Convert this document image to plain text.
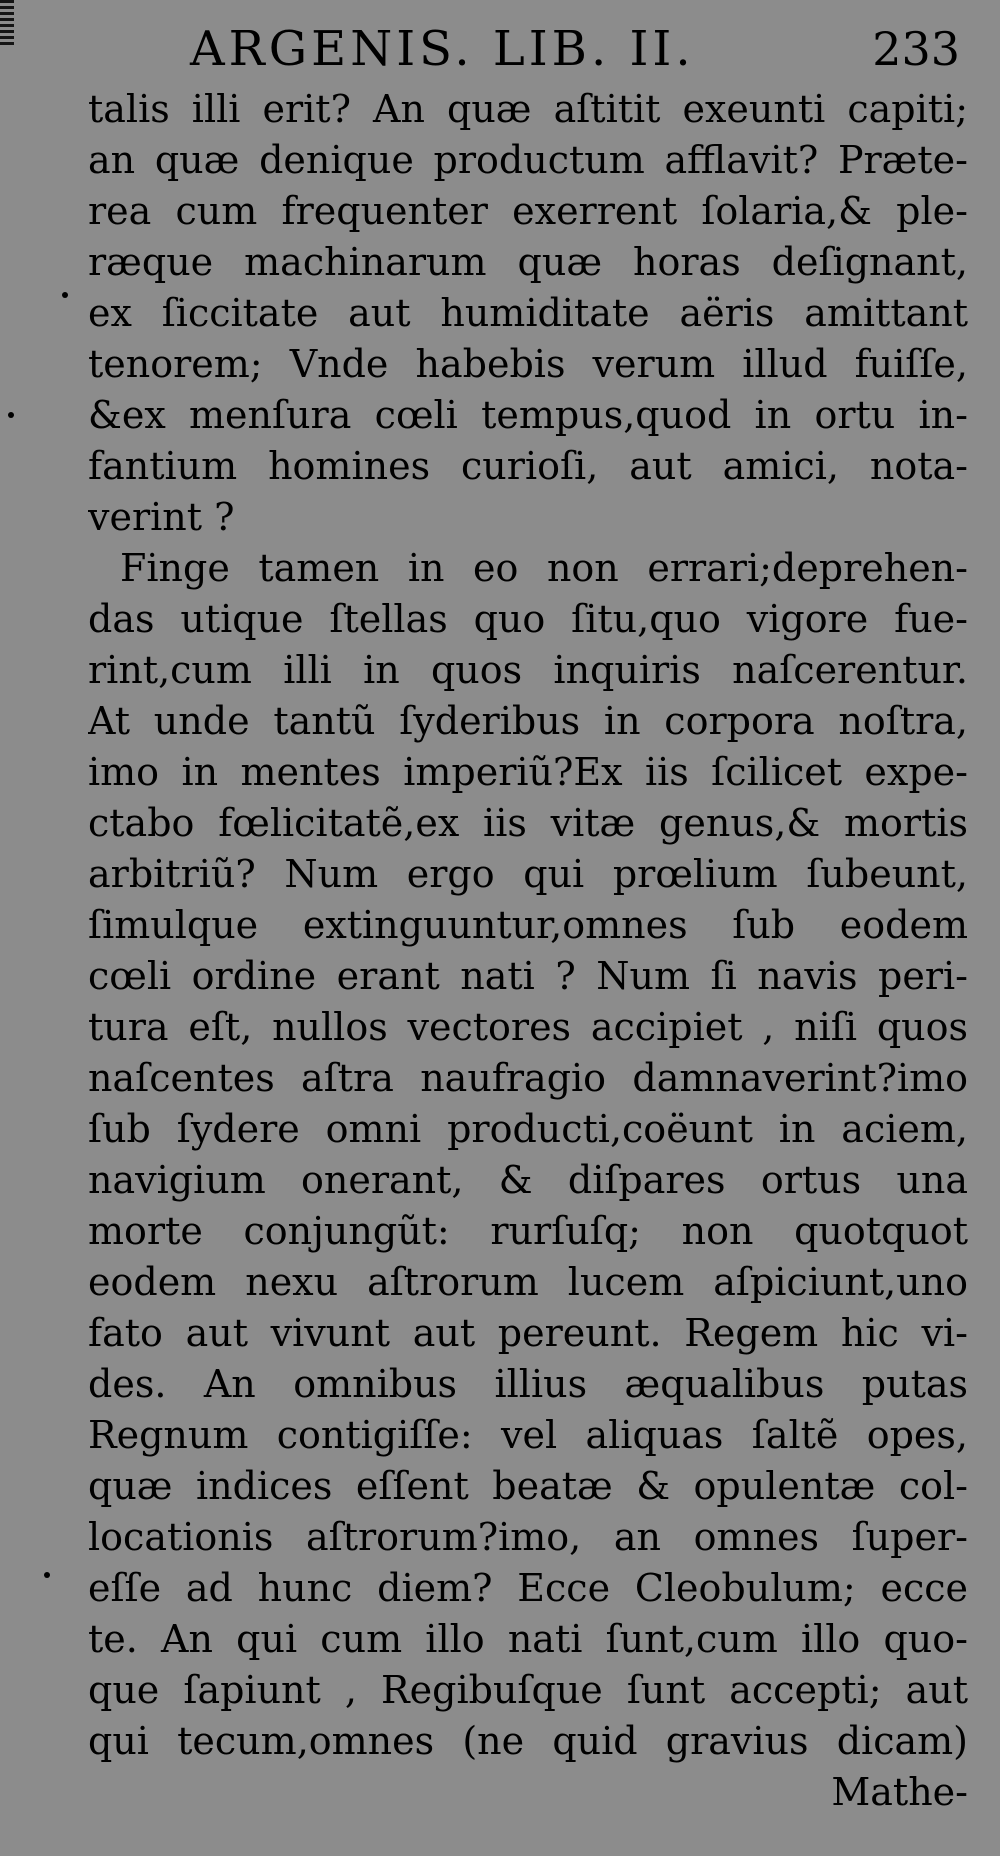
ARGENIS. LIB. II.	233
talis illi erit? An quæ aſtitit exeunti capiti;
an quæ denique productum afflavit? Præte-
rea cum frequenter exerrent ſolaria,& ple-
ræque machinarum quæ horas deſignant,
ex ſiccitate aut humiditate aëris amittant
tenorem; Vnde habebis verum illud fuiſſe,
&ex menſura cœli tempus,quod in ortu in-
fantium homines curioſi, aut amici, nota-
verint ?
Finge tamen in eo non errari;deprehen-
das utique ſtellas quo ſitu,quo vigore fue-
rint,cum illi in quos inquiris naſcerentur.
At unde tantũ ſyderibus in corpora noſtra,
imo in mentes imperiũ?Ex iis ſcilicet expe-
ctabo fœlicitatẽ,ex iis vitæ genus,& mortis
arbitriũ? Num ergo qui prœlium ſubeunt,
ſimulque extinguuntur,omnes ſub eodem
cœli ordine erant nati ? Num ſi navis peri-
tura eſt, nullos vectores accipiet , niſi quos
naſcentes aſtra naufragio damnaverint?imo
ſub ſydere omni producti,coëunt in aciem,
navigium onerant, & diſpares ortus una
morte conjungũt: rurſuſq; non quotquot
eodem nexu aſtrorum lucem aſpiciunt,uno
fato aut vivunt aut pereunt. Regem hic vi-
des. An omnibus illius æqualibus putas
Regnum contigiſſe: vel aliquas ſaltẽ opes,
quæ indices eſſent beatæ & opulentæ col-
locationis aſtrorum?imo, an omnes ſuper-
eſſe ad hunc diem? Ecce Cleobulum; ecce
te. An qui cum illo nati ſunt,cum illo quo-
que ſapiunt , Regibuſque ſunt accepti; aut
qui tecum,omnes (ne quid gravius dicam)
Mathe-
